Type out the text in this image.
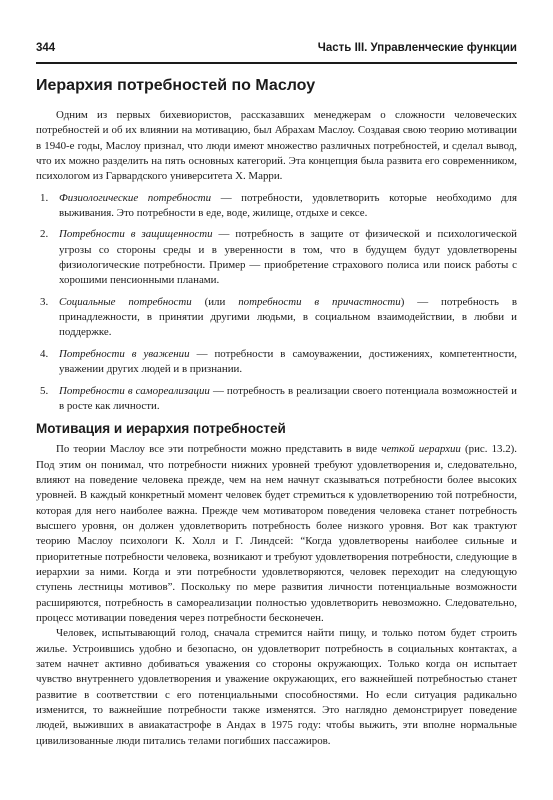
344	Часть III. Управленческие функции
Иерархия потребностей по Маслоу

Одним из первых бихевиористов, рассказавших менеджерам о сложности человеческих потребностей и об их влиянии на мотивацию, был Абрахам Маслоу. Создавая свою теорию мотивации в 1940-е годы, Маслоу признал, что люди имеют множество различных потребностей, и сделал вывод, что их можно разделить на пять основных категорий. Эта концепция была развита его современником, психологом из Гарвардского университета X. Марри.

1. Физиологические потребности — потребности, удовлетворить которые необходимо для выживания. Это потребности в еде, воде, жилище, отдыхе и сексе.
2. Потребности в защищенности — потребность в защите от физической и психологической угрозы со стороны среды и в уверенности в том, что в будущем будут удовлетворены физиологические потребности. Пример — приобретение страхового полиса или поиск работы с хорошими пенсионными планами.
3. Социальные потребности (или потребности в причастности) — потребность в принадлежности, в принятии другими людьми, в социальном взаимодействии, в любви и поддержке.
4. Потребности в уважении — потребности в самоуважении, достижениях, компетентности, уважении других людей и в признании.
5. Потребности в самореализации — потребность в реализации своего потенциала возможностей и в росте как личности.
Мотивация и иерархия потребностей

По теории Маслоу все эти потребности можно представить в виде четкой иерархии (рис. 13.2). Под этим он понимал, что потребности нижних уровней требуют удовлетворения и, следовательно, влияют на поведение человека прежде, чем на нем начнут сказываться потребности более высоких уровней. В каждый конкретный момент человек будет стремиться к удовлетворению той потребности, которая для него наиболее важна. Прежде чем мотиватором поведения человека станет потребность высшего уровня, он должен удовлетворить потребность более низкого уровня. Вот как трактуют теорию Маслоу психологи К. Холл и Г. Линдсей: “Когда удовлетворены наиболее сильные и приоритетные потребности человека, возникают и требуют удовлетворения потребности, следующие в иерархии за ними. Когда и эти потребности удовлетворяются, человек переходит на следующую ступень лестницы мотивов”. Поскольку по мере развития личности потенциальные возможности расширяются, потребность в самореализации полностью удовлетворить невозможно. Следовательно, процесс мотивации поведения через потребности бесконечен.

Человек, испытывающий голод, сначала стремится найти пищу, и только потом будет строить жилье. Устроившись удобно и безопасно, он удовлетворит потребность в социальных контактах, а затем начнет активно добиваться уважения со стороны окружающих. Только когда он испытает чувство внутреннего удовлетворения и уважение окружающих, его важнейшей потребностью станет развитие в соответствии с его потенциальными способностями. Но если ситуация радикально изменится, то важнейшие потребности также изменятся. Это наглядно демонстрирует поведение людей, выживших в авиакатастрофе в Андах в 1975 году: чтобы выжить, эти вполне нормальные цивилизованные люди питались телами погибших пассажиров.
